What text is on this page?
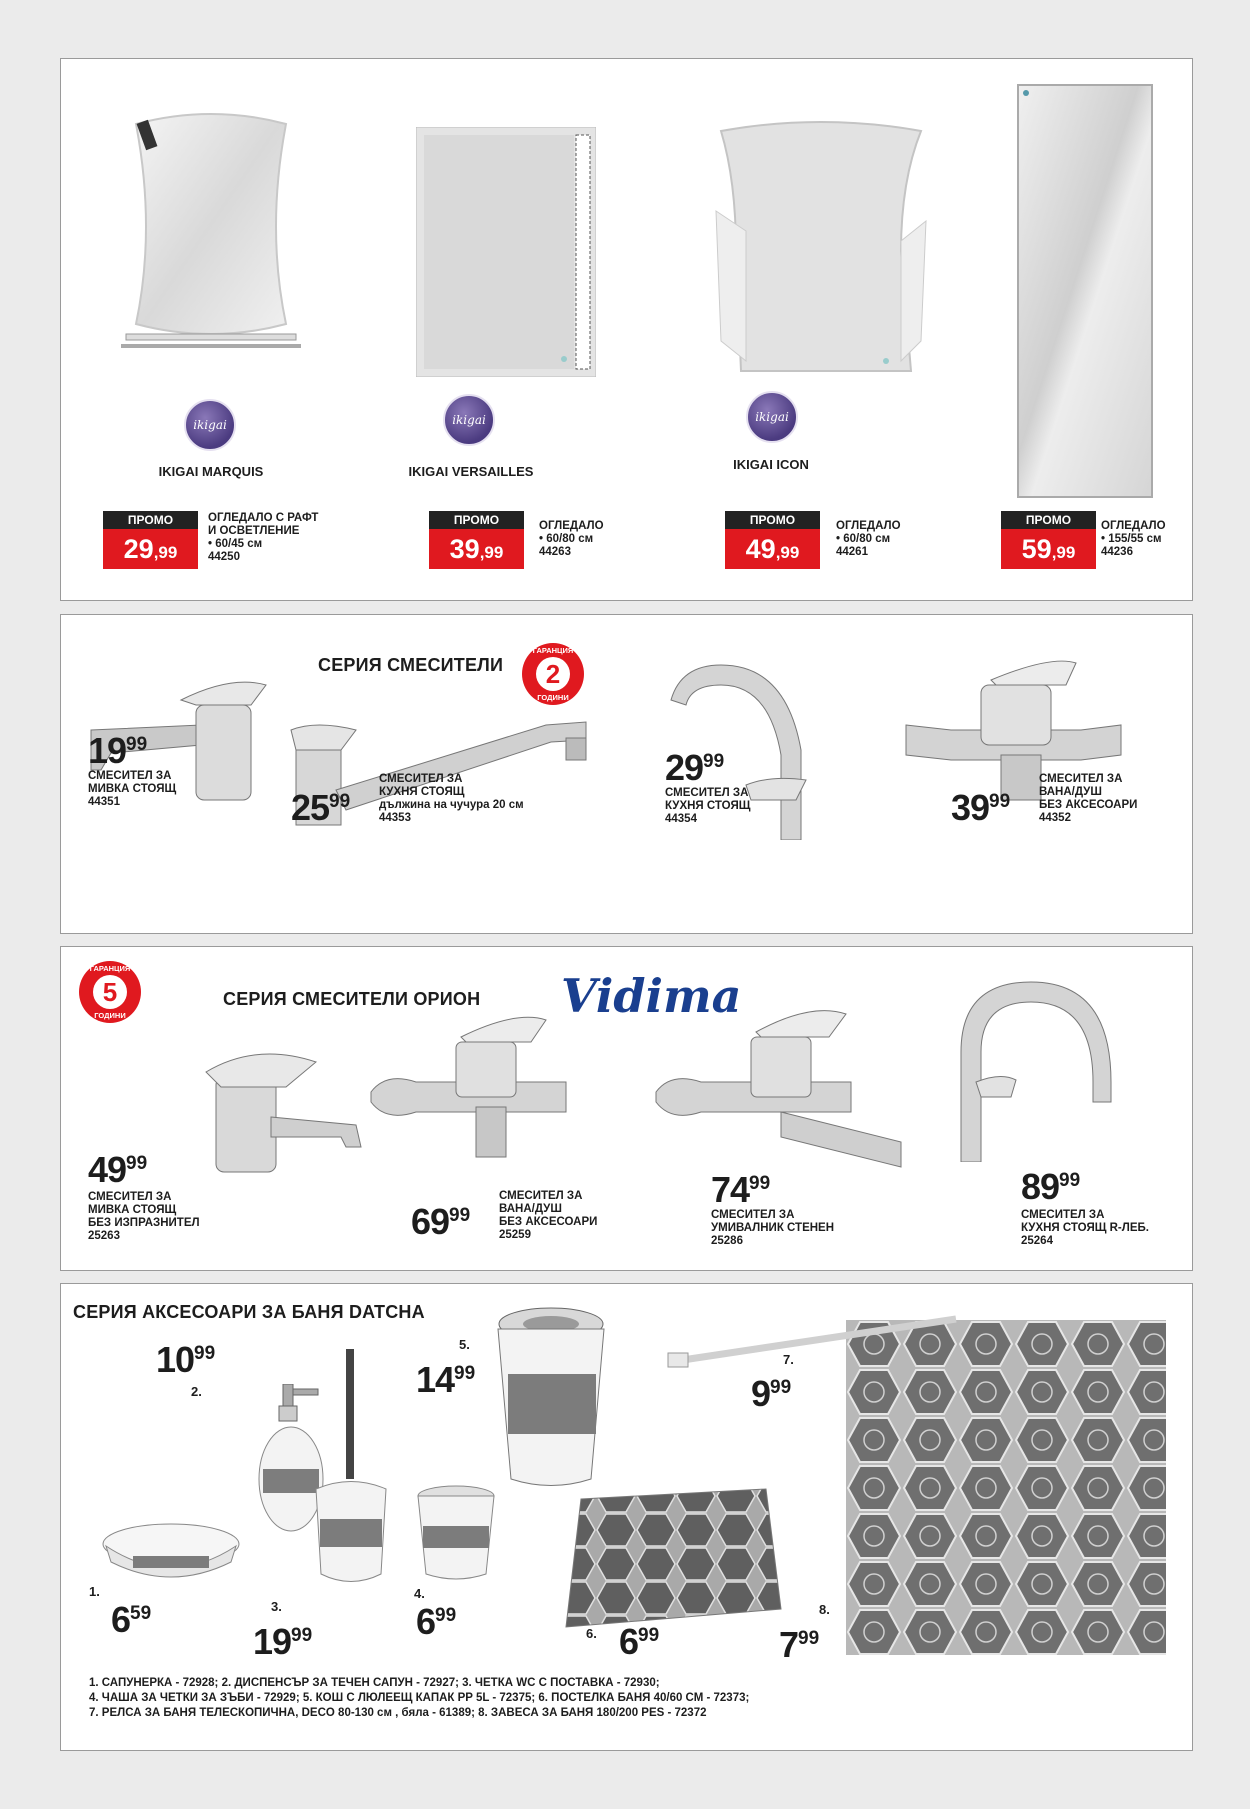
ikigai
IKIGAI MARQUIS
ПРОМО
29,99
ОГЛЕДАЛО С РАФТ
И ОСВЕТЛЕНИЕ
• 60/45 см
44250
ikigai
IKIGAI VERSAILLES
ПРОМО
39,99
ОГЛЕДАЛО
• 60/80 см
44263
ikigai
IKIGAI ICON
ПРОМО
49,99
ОГЛЕДАЛО
• 60/80 см
44261
ПРОМО
59,99
ОГЛЕДАЛО
• 155/55 см
44236
СЕРИЯ СМЕСИТЕЛИ
ГАРАНЦИЯ
2
ГОДИНИ
1999
СМЕСИТЕЛ ЗА
МИВКА СТОЯЩ
44351	2599
СМЕСИТЕЛ ЗА
КУХНЯ СТОЯЩ
дължина на чучура 20 см
44353
2999
СМЕСИТЕЛ ЗА
КУХНЯ СТОЯЩ
44354	3999
СМЕСИТЕЛ ЗА
ВАНА/ДУШ
БЕЗ АКСЕСОАРИ
44352
ГАРАНЦИЯ
5
ГОДИНИ
СЕРИЯ СМЕСИТЕЛИ ОРИОН Vidima
4999
СМЕСИТЕЛ ЗА
МИВКА СТОЯЩ
БЕЗ ИЗПРАЗНИТЕЛ
25263	6999
СМЕСИТЕЛ ЗА
ВАНА/ДУШ
БЕЗ АКСЕСОАРИ
25259
7499
СМЕСИТЕЛ ЗА
УМИВАЛНИК СТЕНЕН
25286
8999
СМЕСИТЕЛ ЗА
КУХНЯ СТОЯЩ R-ЛЕБ.
25264
СЕРИЯ АКСЕСОАРИ ЗА БАНЯ DATCHA
1.
659
1099
2.
3.
1999
4.
699
5.
1499
6. 699
7.
999
8.
799
1. САПУНЕРКА - 72928; 2. ДИСПЕНСЪР ЗА ТЕЧЕН САПУН - 72927; 3. ЧЕТКА WC С ПОСТАВКА - 72930;
4. ЧАША ЗА ЧЕТКИ ЗА ЗЪБИ - 72929; 5. КОШ С ЛЮЛЕЕЩ КАПАК PP 5L - 72375; 6. ПОСТЕЛКА БАНЯ 40/60 СМ - 72373;
7. РЕЛСА ЗА БАНЯ ТЕЛЕСКОПИЧНА, DECO 80-130 см , бяла - 61389; 8. ЗАВЕСА ЗА БАНЯ 180/200 PES - 72372
